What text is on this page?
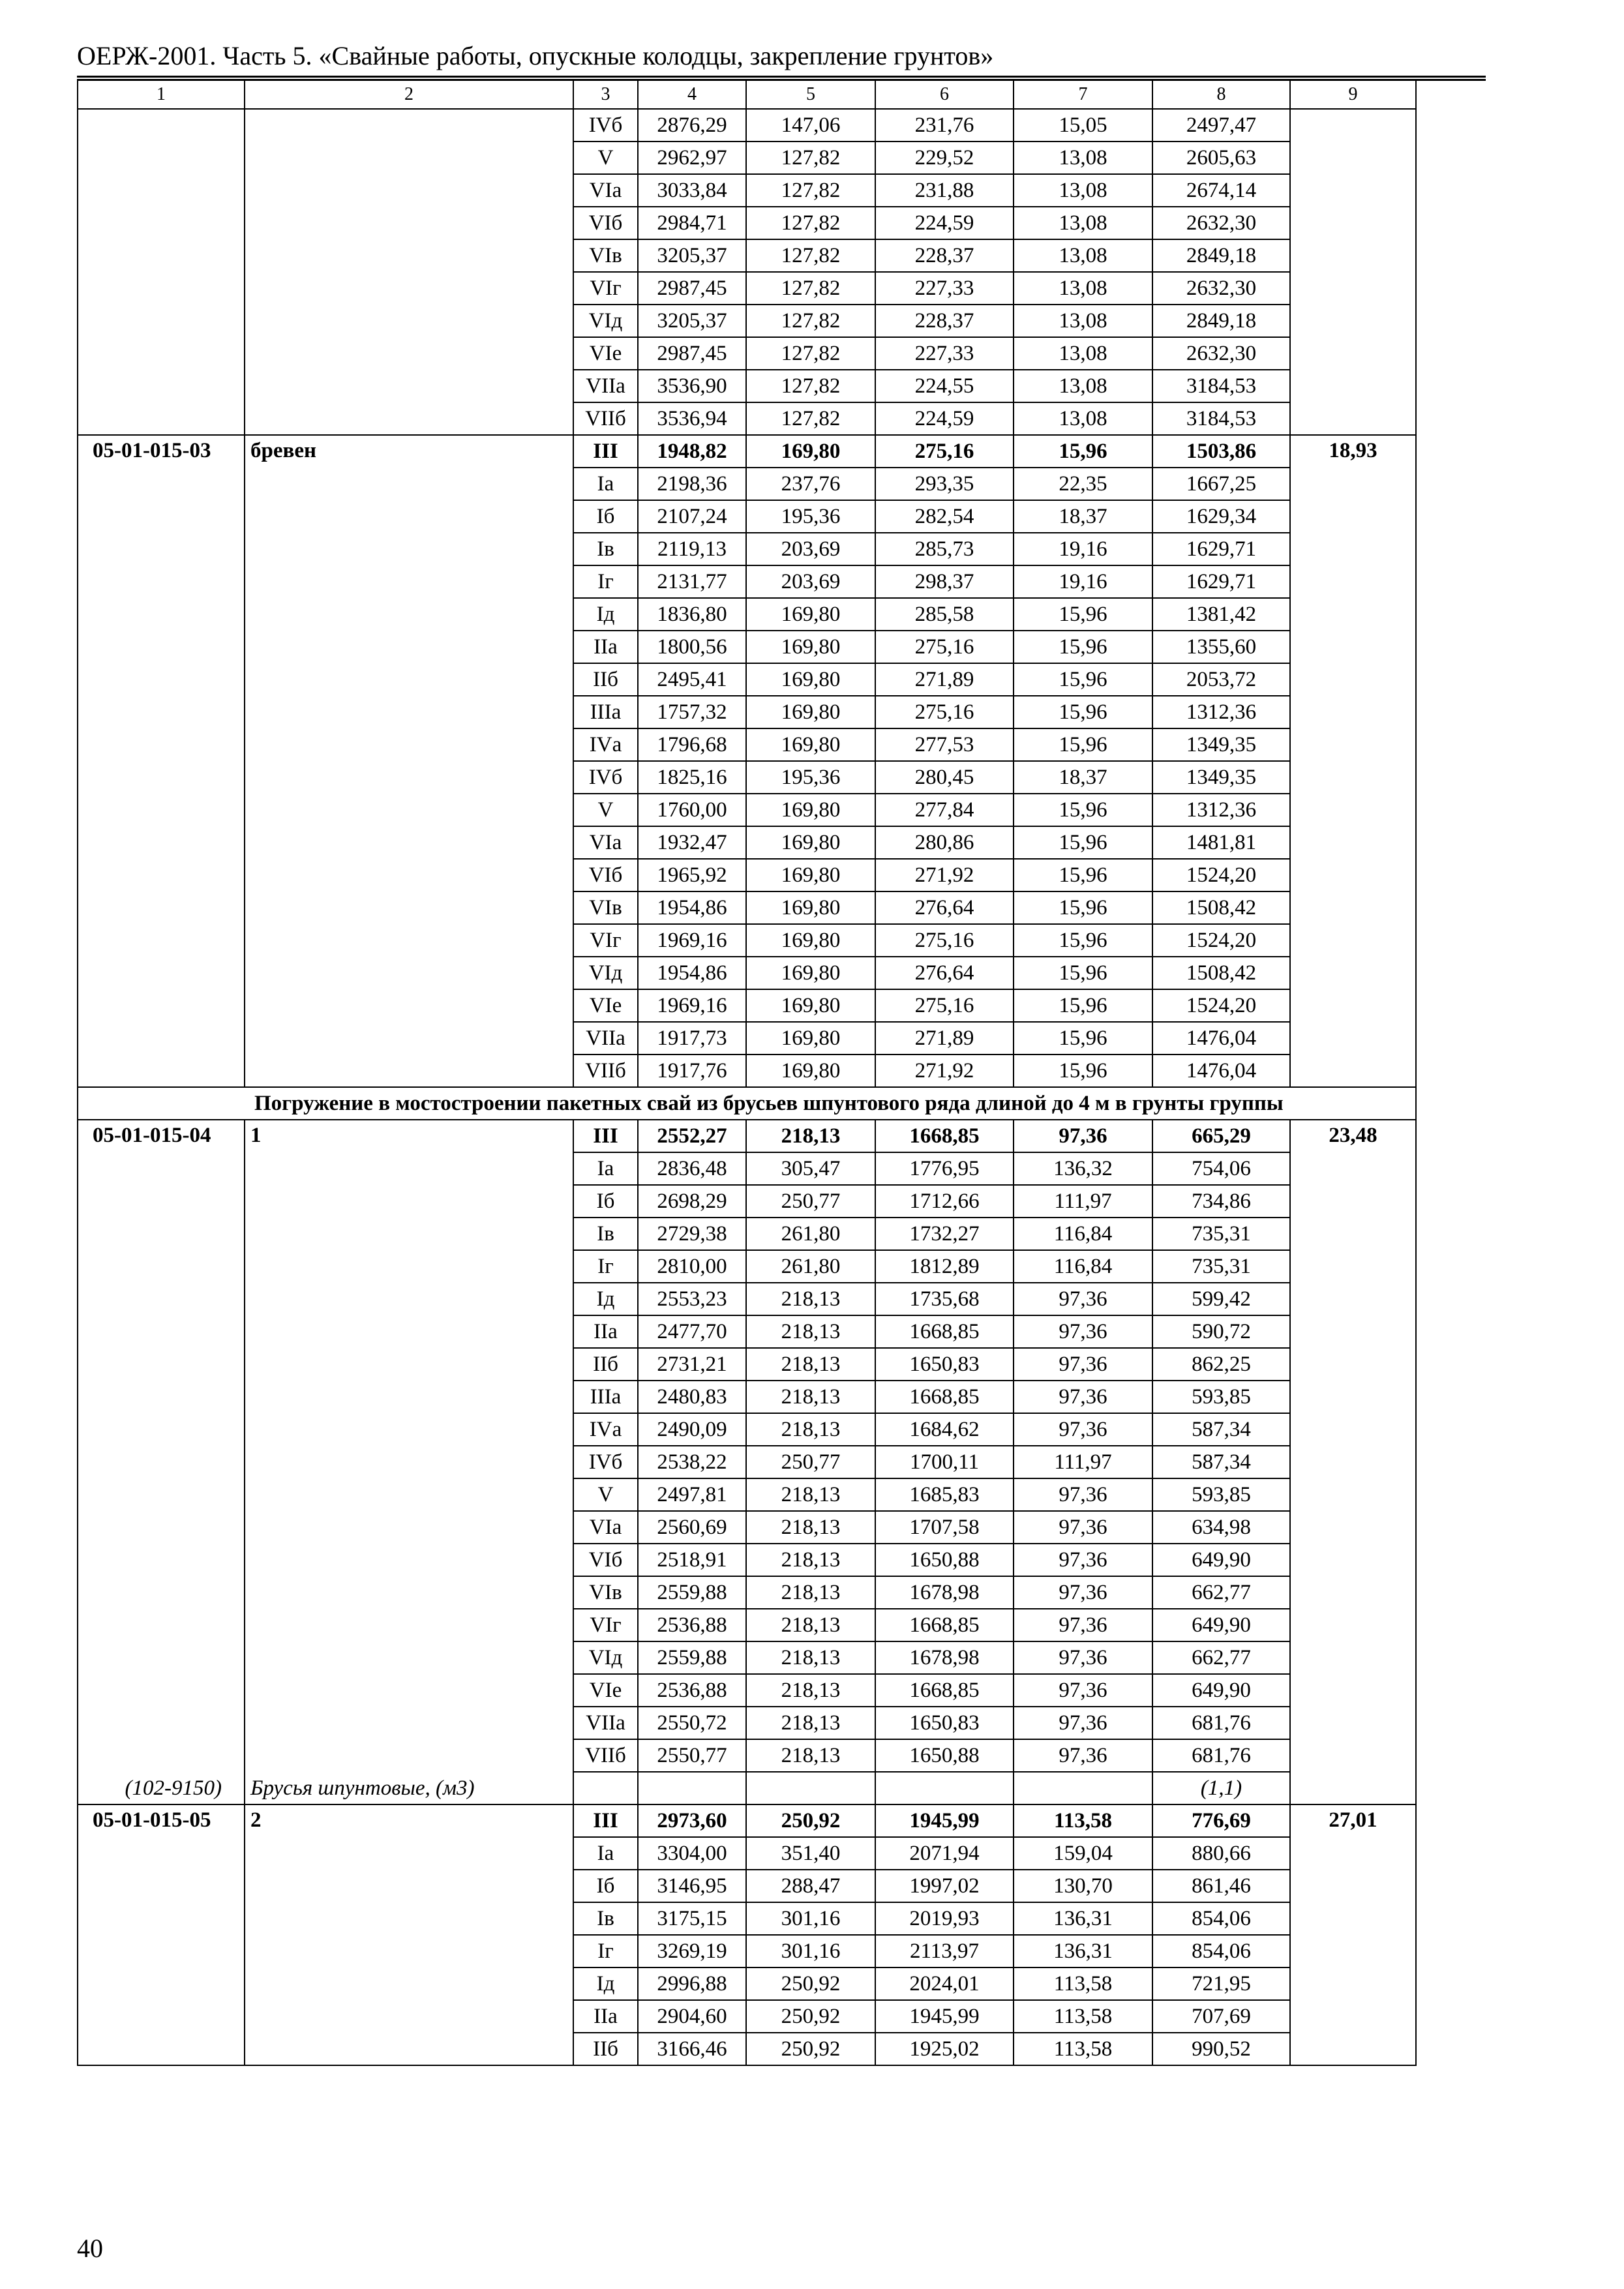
ОЕРЖ-2001. Часть 5. «Свайные работы, опускные колодцы, закрепление грунтов»
1	2	3	4	5	6	7	8	9
		IVб	2876,29	147,06	231,76	15,05	2497,47	
		V	2962,97	127,82	229,52	13,08	2605,63	
		VIа	3033,84	127,82	231,88	13,08	2674,14	
		VIб	2984,71	127,82	224,59	13,08	2632,30	
		VIв	3205,37	127,82	228,37	13,08	2849,18	
		VIг	2987,45	127,82	227,33	13,08	2632,30	
		VIд	3205,37	127,82	228,37	13,08	2849,18	
		VIе	2987,45	127,82	227,33	13,08	2632,30	
		VIIа	3536,90	127,82	224,55	13,08	3184,53	
		VIIб	3536,94	127,82	224,59	13,08	3184,53	
05-01-015-03	бревен	III	1948,82	169,80	275,16	15,96	1503,86	18,93
		Iа	2198,36	237,76	293,35	22,35	1667,25	
		Iб	2107,24	195,36	282,54	18,37	1629,34	
		Iв	2119,13	203,69	285,73	19,16	1629,71	
		Iг	2131,77	203,69	298,37	19,16	1629,71	
		Iд	1836,80	169,80	285,58	15,96	1381,42	
		IIа	1800,56	169,80	275,16	15,96	1355,60	
		IIб	2495,41	169,80	271,89	15,96	2053,72	
		IIIа	1757,32	169,80	275,16	15,96	1312,36	
		IVа	1796,68	169,80	277,53	15,96	1349,35	
		IVб	1825,16	195,36	280,45	18,37	1349,35	
		V	1760,00	169,80	277,84	15,96	1312,36	
		VIа	1932,47	169,80	280,86	15,96	1481,81	
		VIб	1965,92	169,80	271,92	15,96	1524,20	
		VIв	1954,86	169,80	276,64	15,96	1508,42	
		VIг	1969,16	169,80	275,16	15,96	1524,20	
		VIд	1954,86	169,80	276,64	15,96	1508,42	
		VIе	1969,16	169,80	275,16	15,96	1524,20	
		VIIа	1917,73	169,80	271,89	15,96	1476,04	
		VIIб	1917,76	169,80	271,92	15,96	1476,04	
Погружение в мостостроении пакетных свай из брусьев шпунтового ряда длиной до 4 м в грунты группы								
05-01-015-04	1	III	2552,27	218,13	1668,85	97,36	665,29	23,48
		Iа	2836,48	305,47	1776,95	136,32	754,06	
		Iб	2698,29	250,77	1712,66	111,97	734,86	
		Iв	2729,38	261,80	1732,27	116,84	735,31	
		Iг	2810,00	261,80	1812,89	116,84	735,31	
		Iд	2553,23	218,13	1735,68	97,36	599,42	
		IIа	2477,70	218,13	1668,85	97,36	590,72	
		IIб	2731,21	218,13	1650,83	97,36	862,25	
		IIIа	2480,83	218,13	1668,85	97,36	593,85	
		IVа	2490,09	218,13	1684,62	97,36	587,34	
		IVб	2538,22	250,77	1700,11	111,97	587,34	
		V	2497,81	218,13	1685,83	97,36	593,85	
		VIа	2560,69	218,13	1707,58	97,36	634,98	
		VIб	2518,91	218,13	1650,88	97,36	649,90	
		VIв	2559,88	218,13	1678,98	97,36	662,77	
		VIг	2536,88	218,13	1668,85	97,36	649,90	
		VIд	2559,88	218,13	1678,98	97,36	662,77	
		VIе	2536,88	218,13	1668,85	97,36	649,90	
		VIIа	2550,72	218,13	1650,83	97,36	681,76	
		VIIб	2550,77	218,13	1650,88	97,36	681,76	
(102-9150)	Брусья шпунтовые, (м3)						(1,1)	
05-01-015-05	2	III	2973,60	250,92	1945,99	113,58	776,69	27,01
		Iа	3304,00	351,40	2071,94	159,04	880,66	
		Iб	3146,95	288,47	1997,02	130,70	861,46	
		Iв	3175,15	301,16	2019,93	136,31	854,06	
		Iг	3269,19	301,16	2113,97	136,31	854,06	
		Iд	2996,88	250,92	2024,01	113,58	721,95	
		IIа	2904,60	250,92	1945,99	113,58	707,69	
		IIб	3166,46	250,92	1925,02	113,58	990,52	
40
